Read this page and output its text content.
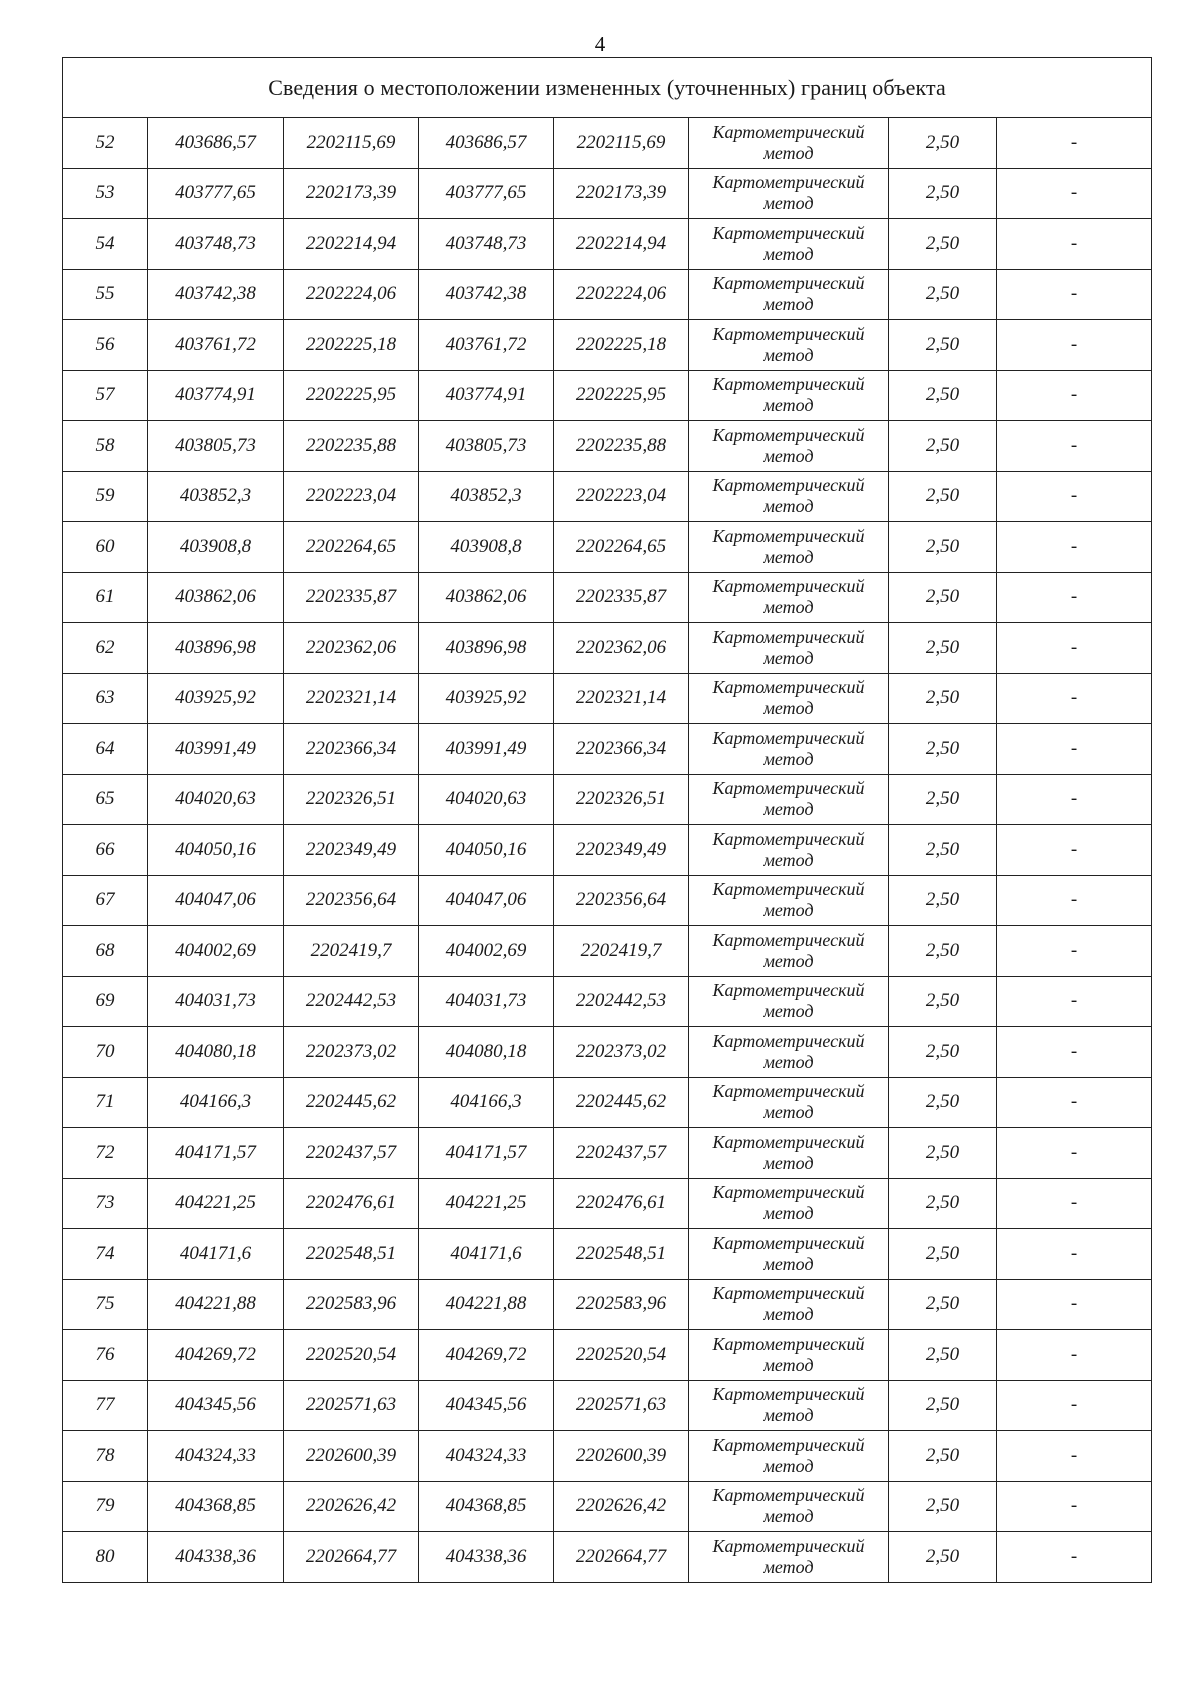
4
Сведения о местоположении измененных (уточненных) границ объекта							
52	403686,57	2202115,69	403686,57	2202115,69	Картометрический
метод	2,50	-
53	403777,65	2202173,39	403777,65	2202173,39	Картометрический
метод	2,50	-
54	403748,73	2202214,94	403748,73	2202214,94	Картометрический
метод	2,50	-
55	403742,38	2202224,06	403742,38	2202224,06	Картометрический
метод	2,50	-
56	403761,72	2202225,18	403761,72	2202225,18	Картометрический
метод	2,50	-
57	403774,91	2202225,95	403774,91	2202225,95	Картометрический
метод	2,50	-
58	403805,73	2202235,88	403805,73	2202235,88	Картометрический
метод	2,50	-
59	403852,3	2202223,04	403852,3	2202223,04	Картометрический
метод	2,50	-
60	403908,8	2202264,65	403908,8	2202264,65	Картометрический
метод	2,50	-
61	403862,06	2202335,87	403862,06	2202335,87	Картометрический
метод	2,50	-
62	403896,98	2202362,06	403896,98	2202362,06	Картометрический
метод	2,50	-
63	403925,92	2202321,14	403925,92	2202321,14	Картометрический
метод	2,50	-
64	403991,49	2202366,34	403991,49	2202366,34	Картометрический
метод	2,50	-
65	404020,63	2202326,51	404020,63	2202326,51	Картометрический
метод	2,50	-
66	404050,16	2202349,49	404050,16	2202349,49	Картометрический
метод	2,50	-
67	404047,06	2202356,64	404047,06	2202356,64	Картометрический
метод	2,50	-
68	404002,69	2202419,7	404002,69	2202419,7	Картометрический
метод	2,50	-
69	404031,73	2202442,53	404031,73	2202442,53	Картометрический
метод	2,50	-
70	404080,18	2202373,02	404080,18	2202373,02	Картометрический
метод	2,50	-
71	404166,3	2202445,62	404166,3	2202445,62	Картометрический
метод	2,50	-
72	404171,57	2202437,57	404171,57	2202437,57	Картометрический
метод	2,50	-
73	404221,25	2202476,61	404221,25	2202476,61	Картометрический
метод	2,50	-
74	404171,6	2202548,51	404171,6	2202548,51	Картометрический
метод	2,50	-
75	404221,88	2202583,96	404221,88	2202583,96	Картометрический
метод	2,50	-
76	404269,72	2202520,54	404269,72	2202520,54	Картометрический
метод	2,50	-
77	404345,56	2202571,63	404345,56	2202571,63	Картометрический
метод	2,50	-
78	404324,33	2202600,39	404324,33	2202600,39	Картометрический
метод	2,50	-
79	404368,85	2202626,42	404368,85	2202626,42	Картометрический
метод	2,50	-
80	404338,36	2202664,77	404338,36	2202664,77	Картометрический
метод	2,50	-
